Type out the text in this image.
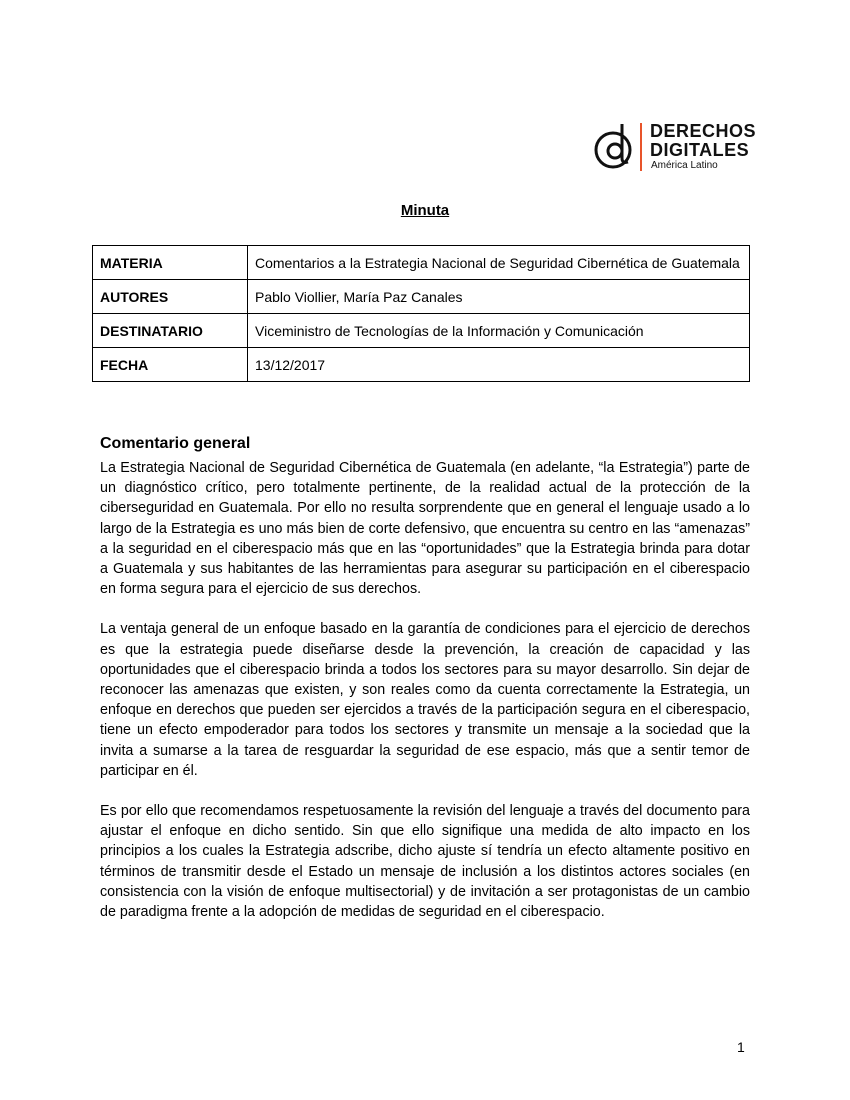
DERECHOS
DIGITALES
América Latino
Minuta
MATERIA	Comentarios a la Estrategia Nacional de Seguridad Cibernética de Guatemala
AUTORES	Pablo Viollier, María Paz Canales
DESTINATARIO	Viceministro de Tecnologías de la Información y Comunicación
FECHA	13/12/2017
Comentario general

La Estrategia Nacional de Seguridad Cibernética de Guatemala (en adelante, “la Estrategia”) parte de un diagnóstico crítico, pero totalmente pertinente, de la realidad actual de la protección de la ciberseguridad en Guatemala. Por ello no resulta sorprendente que en general el lenguaje usado a lo largo de la Estrategia es uno más bien de corte defensivo, que encuentra su centro en las “amenazas” a la seguridad en el ciberespacio más que en las “oportunidades” que la Estrategia brinda para dotar a Guatemala y sus habitantes de las herramientas para asegurar su participación en el ciberespacio en forma segura para el ejercicio de sus derechos.

La ventaja general de un enfoque basado en la garantía de condiciones para el ejercicio de derechos es que la estrategia puede diseñarse desde la prevención, la creación de capacidad y las oportunidades que el ciberespacio brinda a todos los sectores para su mayor desarrollo. Sin dejar de reconocer las amenazas que existen, y son reales como da cuenta correctamente la Estrategia, un enfoque en derechos que pueden ser ejercidos a través de la participación segura en el ciberespacio, tiene un efecto empoderador para todos los sectores y transmite un mensaje a la sociedad que la invita a sumarse a la tarea de resguardar la seguridad de ese espacio, más que a sentir temor de participar en él.

Es por ello que recomendamos respetuosamente la revisión del lenguaje a través del documento para ajustar el enfoque en dicho sentido. Sin que ello signifique una medida de alto impacto en los principios a los cuales la Estrategia adscribe, dicho ajuste sí tendría un efecto altamente positivo en términos de transmitir desde el Estado un mensaje de inclusión a los distintos actores sociales (en consistencia con la visión de enfoque multisectorial) y de invitación a ser protagonistas de un cambio de paradigma frente a la adopción de medidas de seguridad en el ciberespacio.

1
